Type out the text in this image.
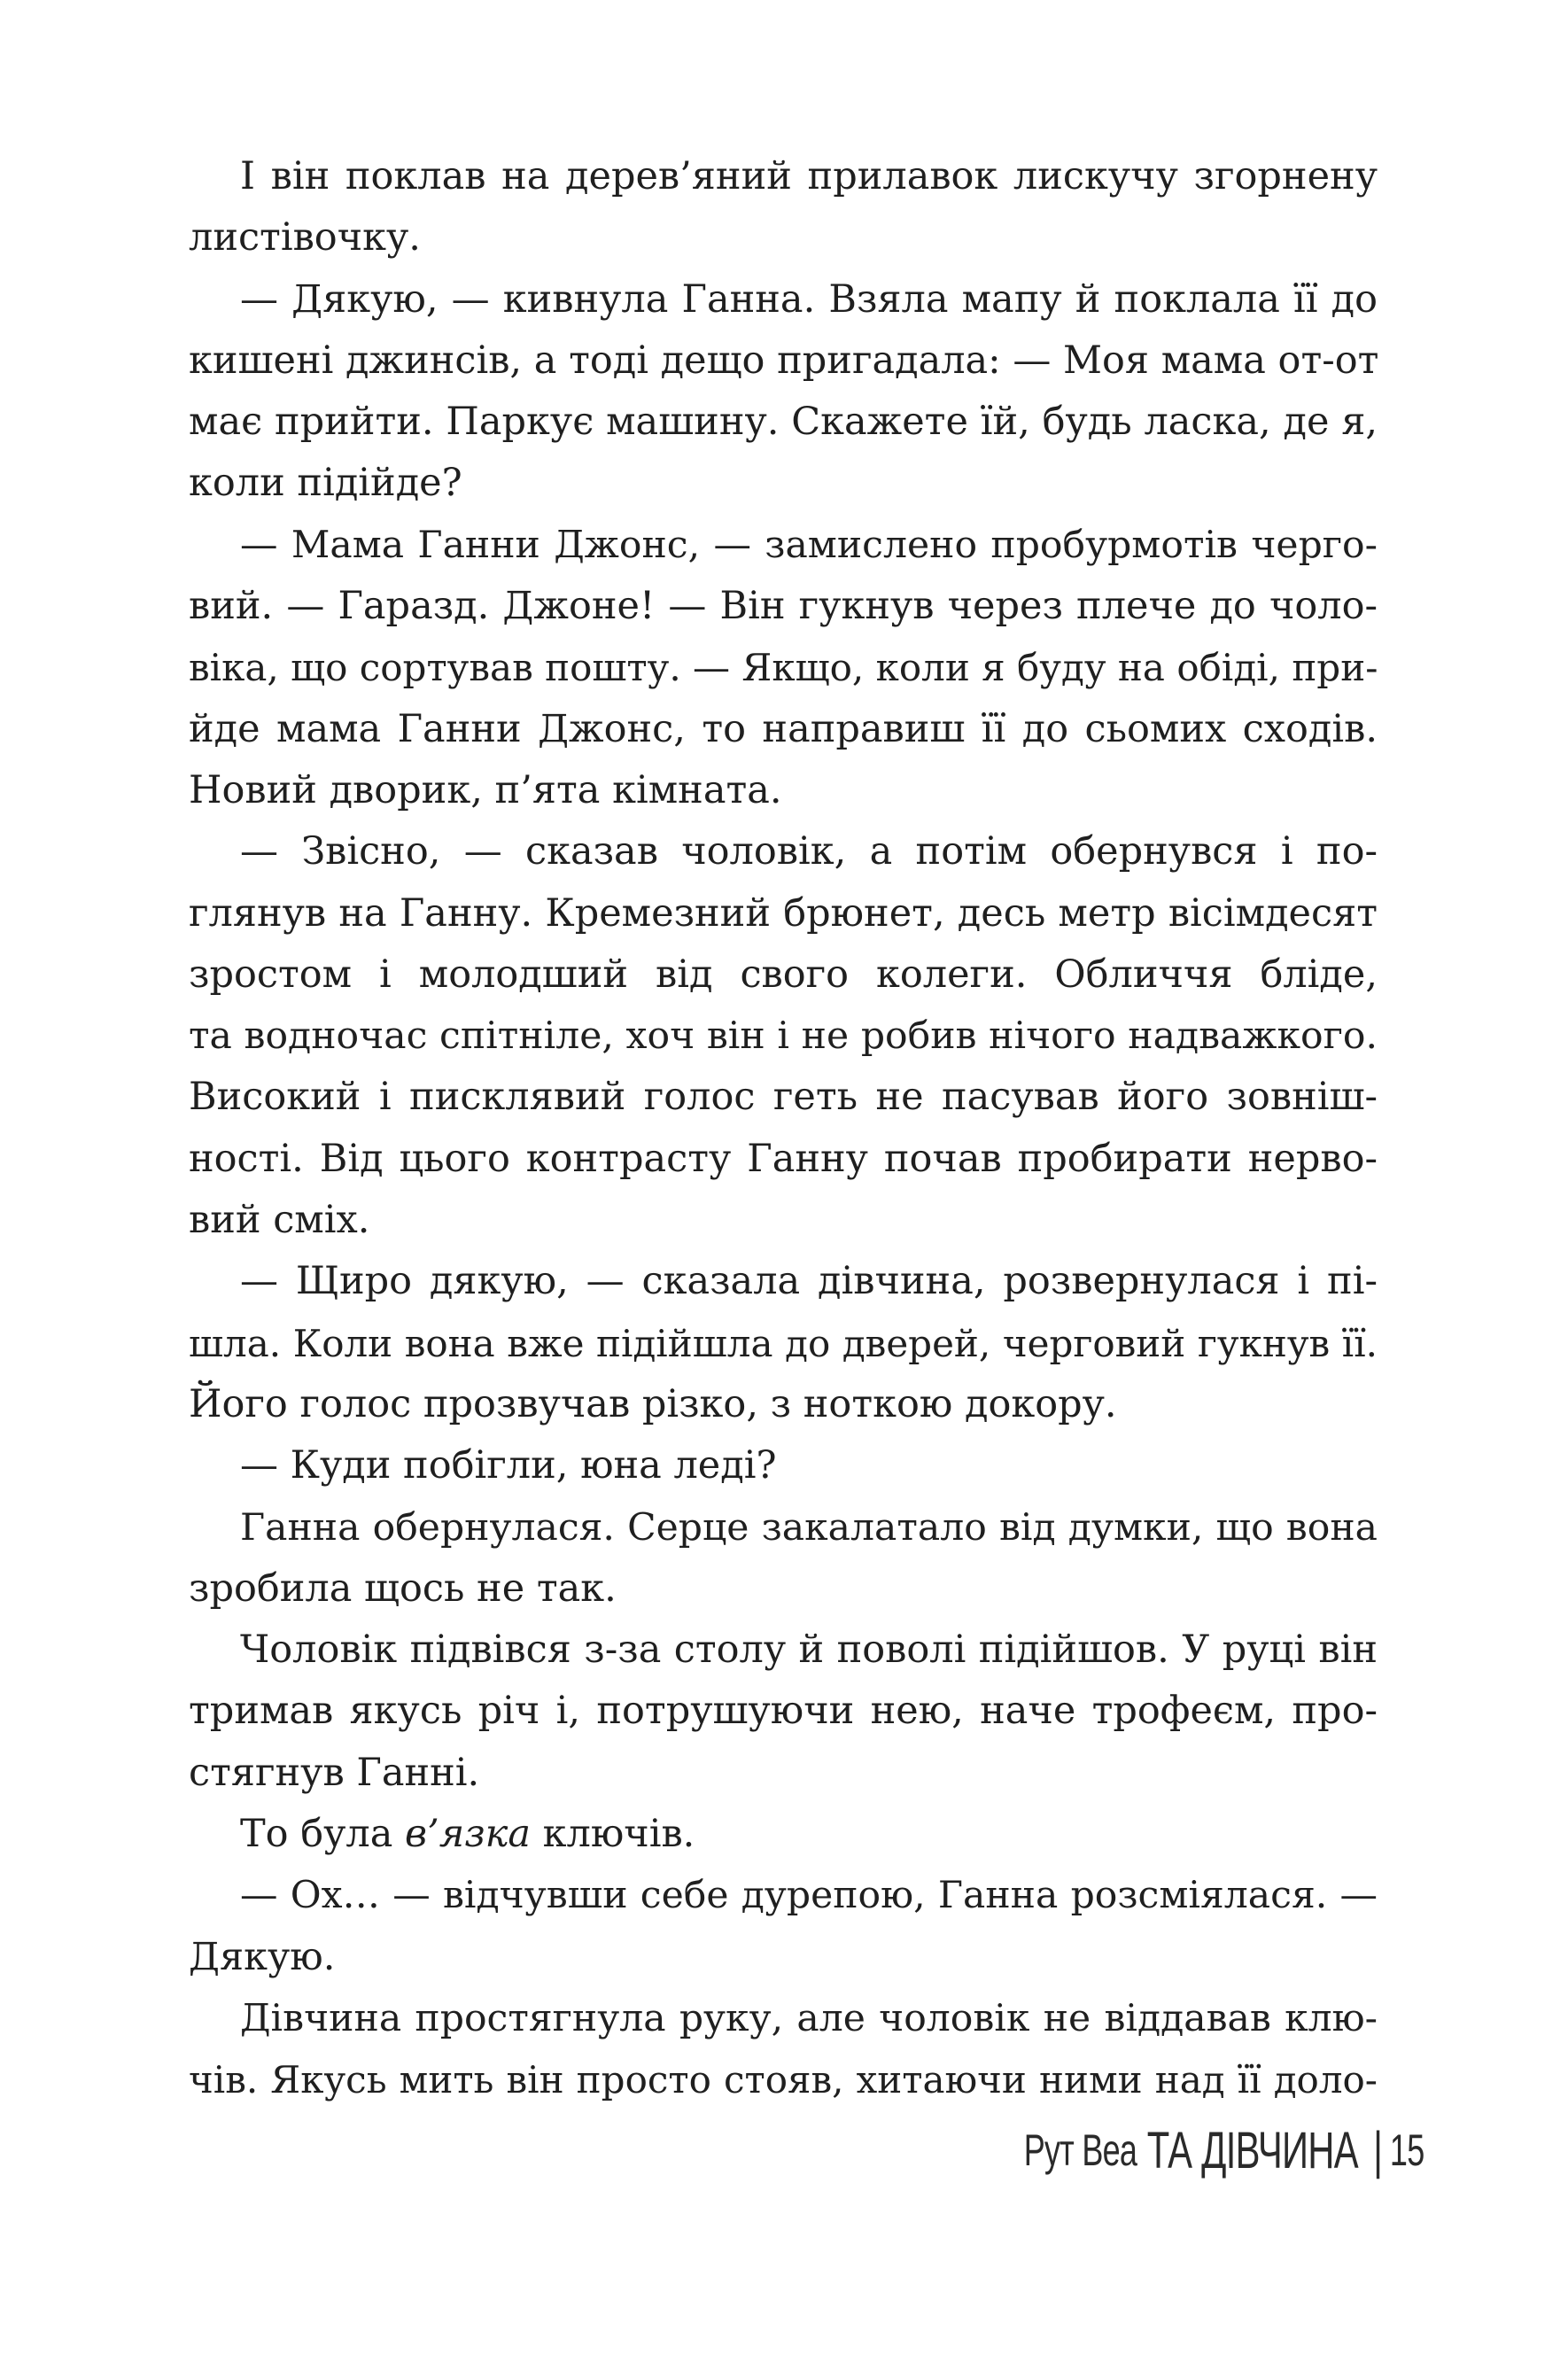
І він поклав на дерев’яний прилавок лискучу згорнену
листівочку.
— Дякую, — кивнула Ганна. Взяла мапу й поклала її до
кишені джинсів, а тоді дещо пригадала: — Моя мама от-от
має прийти. Паркує машину. Скажете їй, будь ласка, де я,
коли підійде?
— Мама Ганни Джонс, — замислено пробурмотів черго-
вий. — Гаразд. Джоне! — Він гукнув через плече до чоло-
віка, що сортував пошту. — Якщо, коли я буду на обіді, при-
йде мама Ганни Джонс, то направиш її до сьомих сходів.
Новий дворик, п’ята кімната.
— Звісно, — сказав чоловік, а потім обернувся і по-
глянув на Ганну. Кремезний брюнет, десь метр вісімдесят
зростом і молодший від свого колеги. Обличчя бліде,
та водночас спітніле, хоч він і не робив нічого надважкого.
Високий і писклявий голос геть не пасував його зовніш-
ності. Від цього контрасту Ганну почав пробирати нерво-
вий сміх.
— Щиро дякую, — сказала дівчина, розвернулася і пі-
шла. Коли вона вже підійшла до дверей, черговий гукнув її.
Його голос прозвучав різко, з ноткою докору.
— Куди побігли, юна леді?
Ганна обернулася. Серце закалатало від думки, що вона
зробила щось не так.
Чоловік підвівся з-за столу й поволі підійшов. У руці він
тримав якусь річ і, потрушуючи нею, наче трофеєм, про-
стягнув Ганні.
То була в’язка ключів.
— Ох… — відчувши себе дурепою, Ганна розсміялася. —
Дякую.
Дівчина простягнула руку, але чоловік не віддавав клю-
чів. Якусь мить він просто стояв, хитаючи ними над її доло-
Рут Веа ТА ДІВЧИНА | 15
